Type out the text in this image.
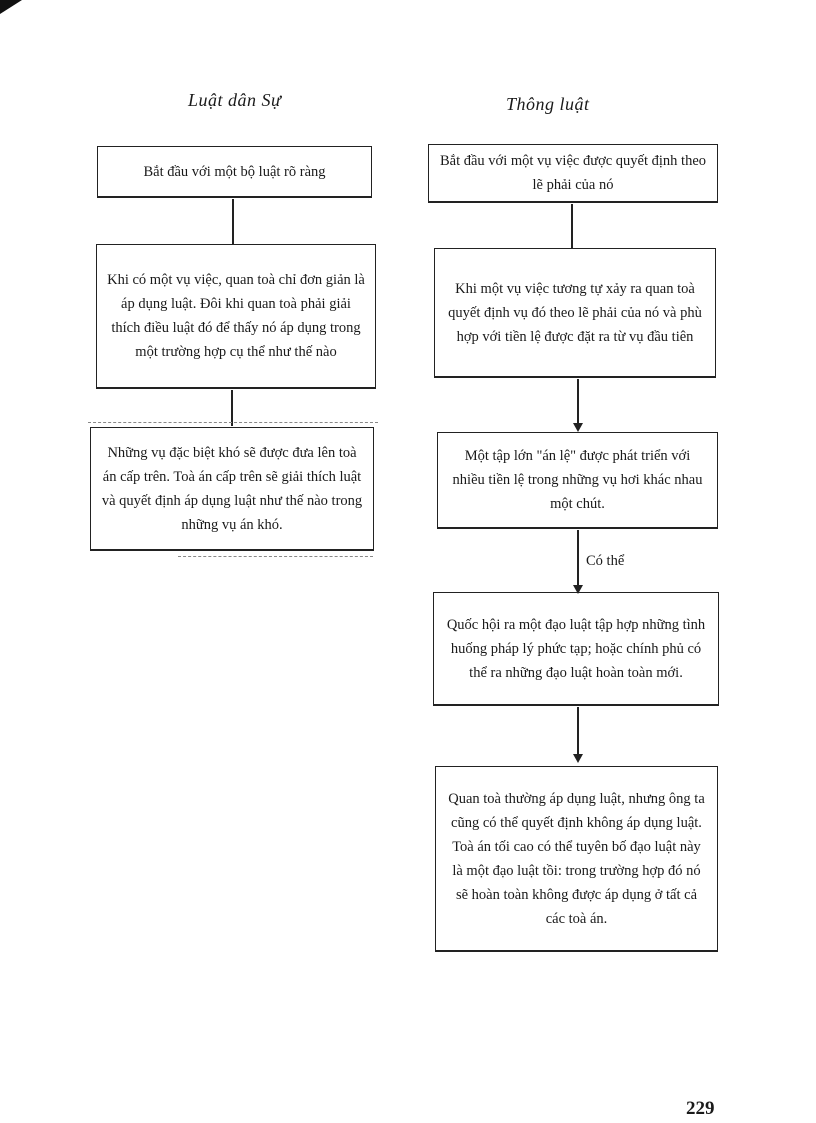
Luật dân Sự	Thông luật
Bắt đầu với một bộ luật rõ ràng
Khi có một vụ việc, quan toà chỉ đơn giản là áp dụng luật. Đôi khi quan toà phải giải thích điều luật đó để thấy nó áp dụng trong một trường hợp cụ thể như thế nào
Những vụ đặc biệt khó sẽ được đưa lên toà án cấp trên. Toà án cấp trên sẽ giải thích luật và quyết định áp dụng luật như thế nào trong những vụ án khó.
Bắt đầu với một vụ việc được quyết định theo lẽ phải của nó
Khi một vụ việc tương tự xảy ra quan toà quyết định vụ đó theo lẽ phải của nó và phù hợp với tiền lệ được đặt ra từ vụ đầu tiên
Một tập lớn "án lệ" được phát triển với nhiều tiền lệ trong những vụ hơi khác nhau một chút.
Có thể
Quốc hội ra một đạo luật tập hợp những tình huống pháp lý phức tạp; hoặc chính phủ có thể ra những đạo luật hoàn toàn mới.
Quan toà thường áp dụng luật, nhưng ông ta cũng có thể quyết định không áp dụng luật. Toà án tối cao có thể tuyên bố đạo luật này là một đạo luật tồi: trong trường hợp đó nó sẽ hoàn toàn không được áp dụng ở tất cả các toà án.
229
